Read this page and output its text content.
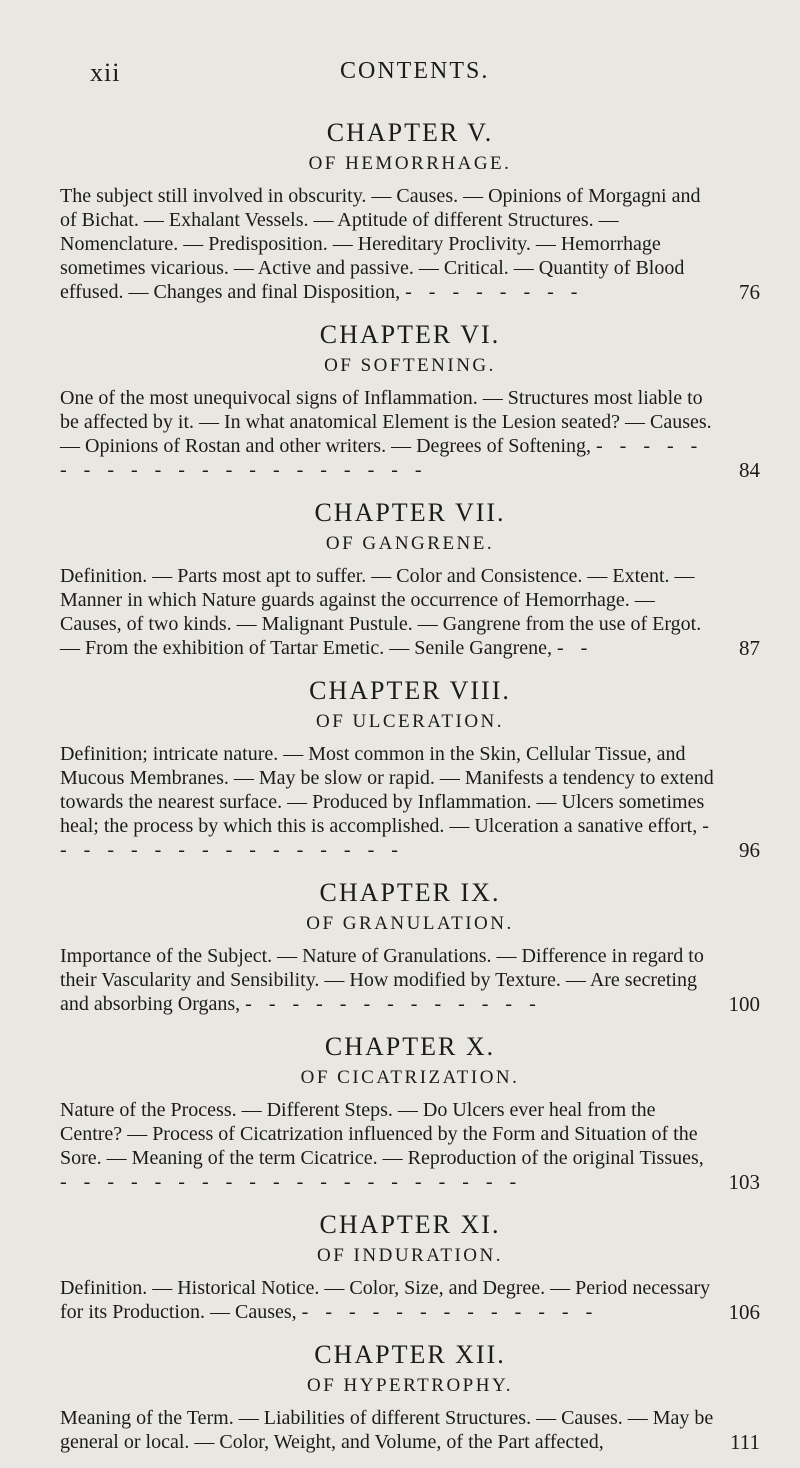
xii	CONTENTS.

CHAPTER V.

OF HEMORRHAGE.

The subject still involved in obscurity. — Causes. — Opinions of Morgagni and of Bichat. — Exhalant Vessels. — Aptitude of different Structures. — Nomenclature. — Predisposition. — Hereditary Proclivity. — Hemorrhage sometimes vicarious. — Active and passive. — Critical. — Quantity of Blood effused. — Changes and final Disposition, - - - - - - - -	76

CHAPTER VI.

OF SOFTENING.

One of the most unequivocal signs of Inflammation. — Structures most liable to be affected by it. — In what anatomical Element is the Lesion seated? — Causes. — Opinions of Rostan and other writers. — Degrees of Softening, - - - - - - - - - - - - - - - - - - - - -	84

CHAPTER VII.

OF GANGRENE.

Definition. — Parts most apt to suffer. — Color and Consistence. — Extent. — Manner in which Nature guards against the occurrence of Hemorrhage. — Causes, of two kinds. — Malignant Pustule. — Gangrene from the use of Ergot. — From the exhibition of Tartar Emetic. — Senile Gangrene, - -	87

CHAPTER VIII.

OF ULCERATION.

Definition; intricate nature. — Most common in the Skin, Cellular Tissue, and Mucous Membranes. — May be slow or rapid. — Manifests a tendency to extend towards the nearest surface. — Produced by Inflammation. — Ulcers sometimes heal; the process by which this is accomplished. — Ulceration a sanative effort, - - - - - - - - - - - - - - - -	96

CHAPTER IX.

OF GRANULATION.

Importance of the Subject. — Nature of Granulations. — Difference in regard to their Vascularity and Sensibility. — How modified by Texture. — Are secreting and absorbing Organs, - - - - - - - - - - - - -	100

CHAPTER X.

OF CICATRIZATION.

Nature of the Process. — Different Steps. — Do Ulcers ever heal from the Centre? — Process of Cicatrization influenced by the Form and Situation of the Sore. — Meaning of the term Cicatrice. — Reproduction of the original Tissues, - - - - - - - - - - - - - - - - - - - -	103

CHAPTER XI.

OF INDURATION.

Definition. — Historical Notice. — Color, Size, and Degree. — Period necessary for its Production. — Causes, - - - - - - - - - - - - -	106

CHAPTER XII.

OF HYPERTROPHY.

Meaning of the Term. — Liabilities of different Structures. — Causes. — May be general or local. — Color, Weight, and Volume, of the Part affected,	111
